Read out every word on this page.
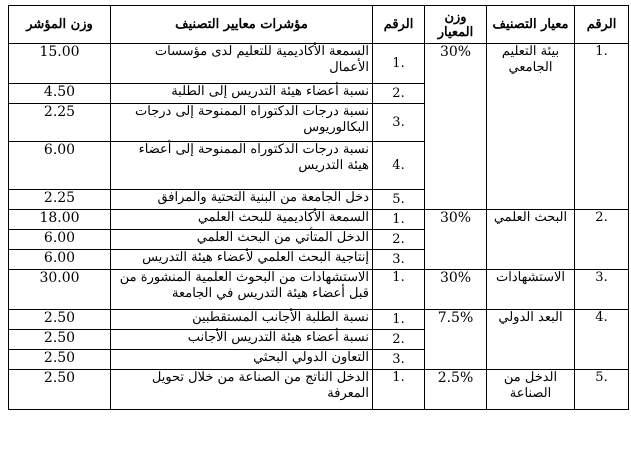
الرقم	معيار التصنيف	وزن المعيار	الرقم	مؤشرات معايير التصنيف	وزن المؤشر
1.	بيئة التعليم الجامعي	30%	1.	السمعة الأكاديمية للتعليم لدى مؤسسات الأعمال	15.00
			2.	نسبة أعضاء هيئة التدريس إلى الطلبة	4.50
			3.	نسبة درجات الدكتوراه الممنوحة إلى درجات البكالوريوس	2.25
			4.	نسبة درجات الدكتوراه الممنوحة إلى أعضاء هيئة التدريس	6.00
			5.	دخل الجامعة من البنية التحتية والمرافق	2.25
2.	البحث العلمي	30%	1.	السمعة الأكاديمية للبحث العلمي	18.00
			2.	الدخل المتأتي من البحث العلمي	6.00
			3.	إنتاجية البحث العلمي لأعضاء هيئة التدريس	6.00
3.	الاستشهادات	30%	1.	الاستشهادات من البحوث العلمية المنشورة من قبل أعضاء هيئة التدريس في الجامعة	30.00
4.	البعد الدولي	7.5%	1.	نسبة الطلبة الأجانب المستقطبين	2.50
			2.	نسبة أعضاء هيئة التدريس الأجانب	2.50
			3.	التعاون الدولي البحثي	2.50
5.	الدخل من الصناعة	2.5%	1.	الدخل الناتج من الصناعة من خلال تحويل المعرفة	2.50
